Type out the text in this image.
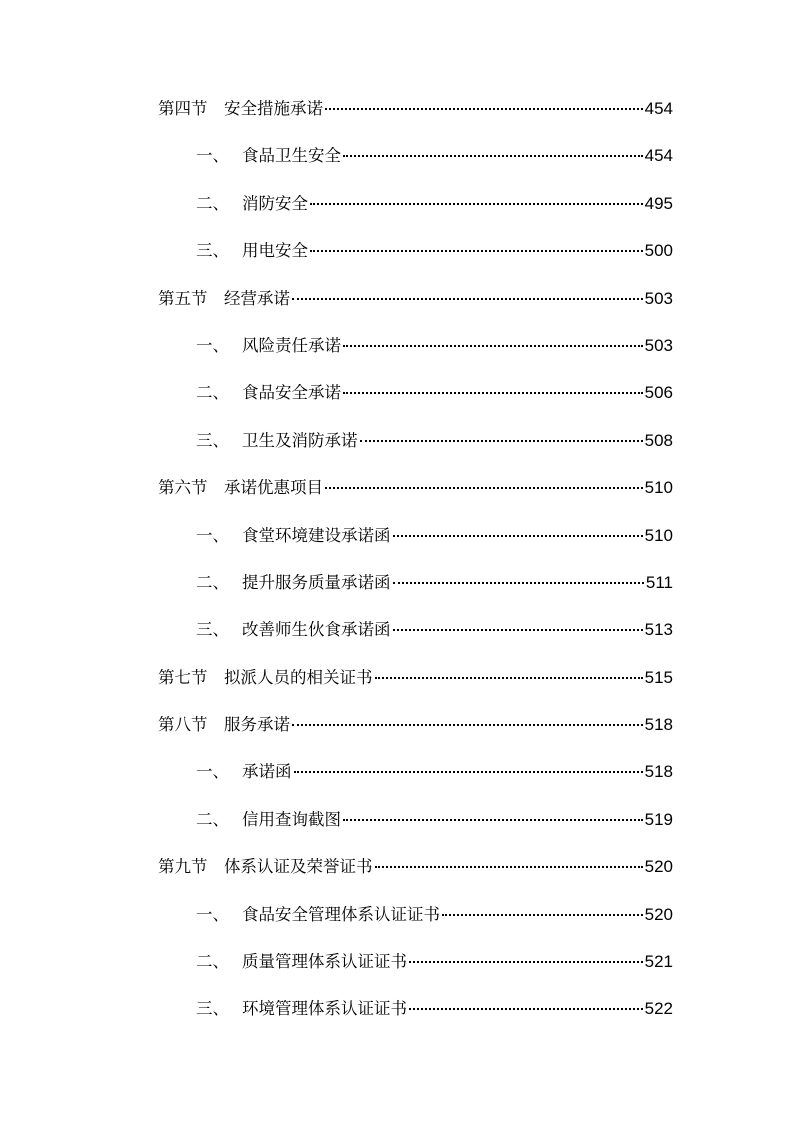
第四节	安全措施承诺	454
一、 食品卫生安全	454
二、 消防安全	495
三、 用电安全	500
第五节	经营承诺	503
一、 风险责任承诺	503
二、 食品安全承诺	506
三、 卫生及消防承诺	508
第六节	承诺优惠项目	510
一、 食堂环境建设承诺函	510
二、 提升服务质量承诺函	511
三、 改善师生伙食承诺函	513
第七节	拟派人员的相关证书	515
第八节	服务承诺	518
一、 承诺函	518
二、 信用查询截图	519
第九节	体系认证及荣誉证书	520
一、 食品安全管理体系认证证书	520
二、 质量管理体系认证证书	521
三、 环境管理体系认证证书	522
